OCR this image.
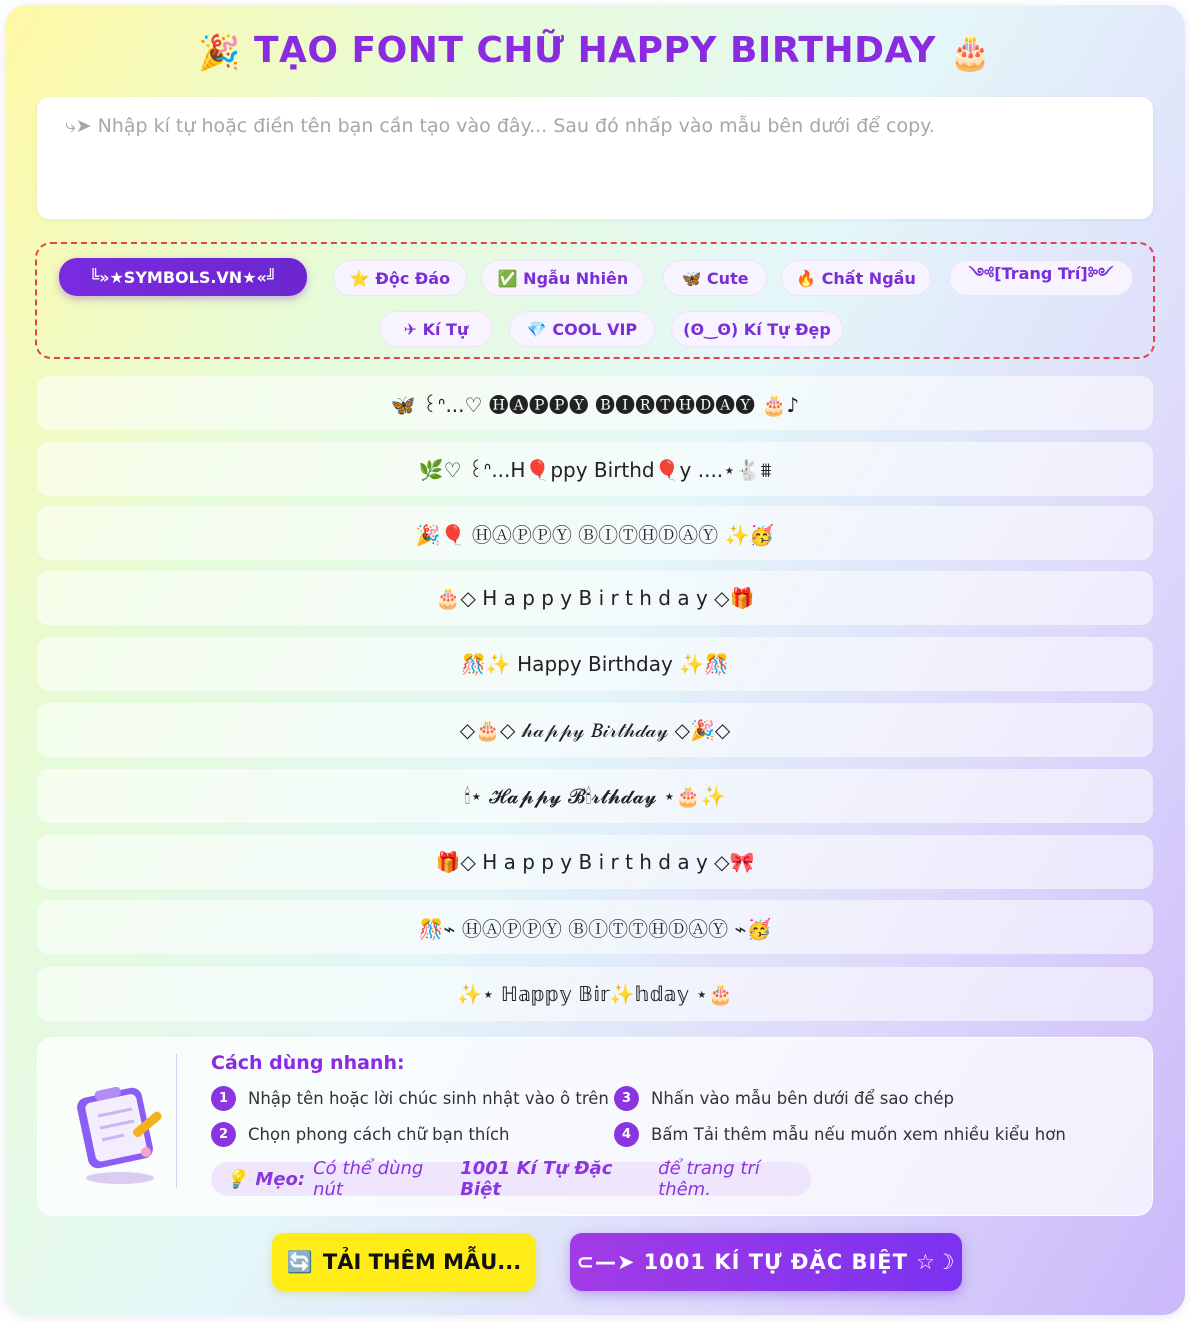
🎉 TẠO FONT CHỮ HAPPY BIRTHDAY 🎂
⤷➤ Nhập kí tự hoặc điền tên bạn cần tạo vào đây... Sau đó nhấp vào mẫu bên dưới để copy.
╚»★SYMBOLS.VN★«╝	⭐ Độc Đáo	✅ Ngẫu Nhiên	🦋 Cute	🔥 Chất Ngầu	༺[Trang Trí]༻
✈ Kí Tự	💎 COOL VIP	(ʘ‿ʘ) Kí Tự Đẹp
🦋 ꒰ᐢ...♡ 🅗🅐🅟🅟🅨 🅑🅘🅡🅣🅗🅓🅐🅨 🎂♪
🌿♡ ꒰ᐢ...H🎈ppy Birthd🎈y ....⋆🐇⩩
🎉🎈 ⒽⒶⓅⓅⓎ ⒷⒾⓉⒽⒹⒶⓎ ✨🥳
🎂◇ H a p p y B i r t h d a y ◇🎁
🎊✨ Happy Birthday ✨🎊
◇🎂◇ 𝒽𝒶𝓅𝓅𝓎 𝐵𝒾𝓇𝓉𝒽𝒹𝒶𝓎 ◇🎉◇
🕯⋆ 𝓗𝓪𝓹𝓹𝔂 𝓑🕯𝓻𝓽𝓱𝓭𝓪𝔂 ⋆🎂✨
🎁◇ H a p p y B i r t h d a y ◇🎀
🎊⌁ ⒽⒶⓅⓅⓎ ⒷⒾⓉⓉⒽⒹⒶⓎ ⌁🥳
✨⋆ ℍ𝕒𝕡𝕡𝕪 𝔹𝕚𝕣✨𝕙𝕕𝕒𝕪 ⋆🎂
Cách dùng nhanh:
1	Nhập tên hoặc lời chúc sinh nhật vào ô trên
2	Chọn phong cách chữ bạn thích
3	Nhấn vào mẫu bên dưới để sao chép
4	Bấm Tải thêm mẫu nếu muốn xem nhiều kiểu hơn
💡 Mẹo: Có thể dùng nút
1001 Kí Tự Đặc Biệt
để trang trí thêm.
🔄 TẢI THÊM MẪU...	⊂—➤ 1001 KÍ TỰ ĐẶC BIỆT ☆☽
